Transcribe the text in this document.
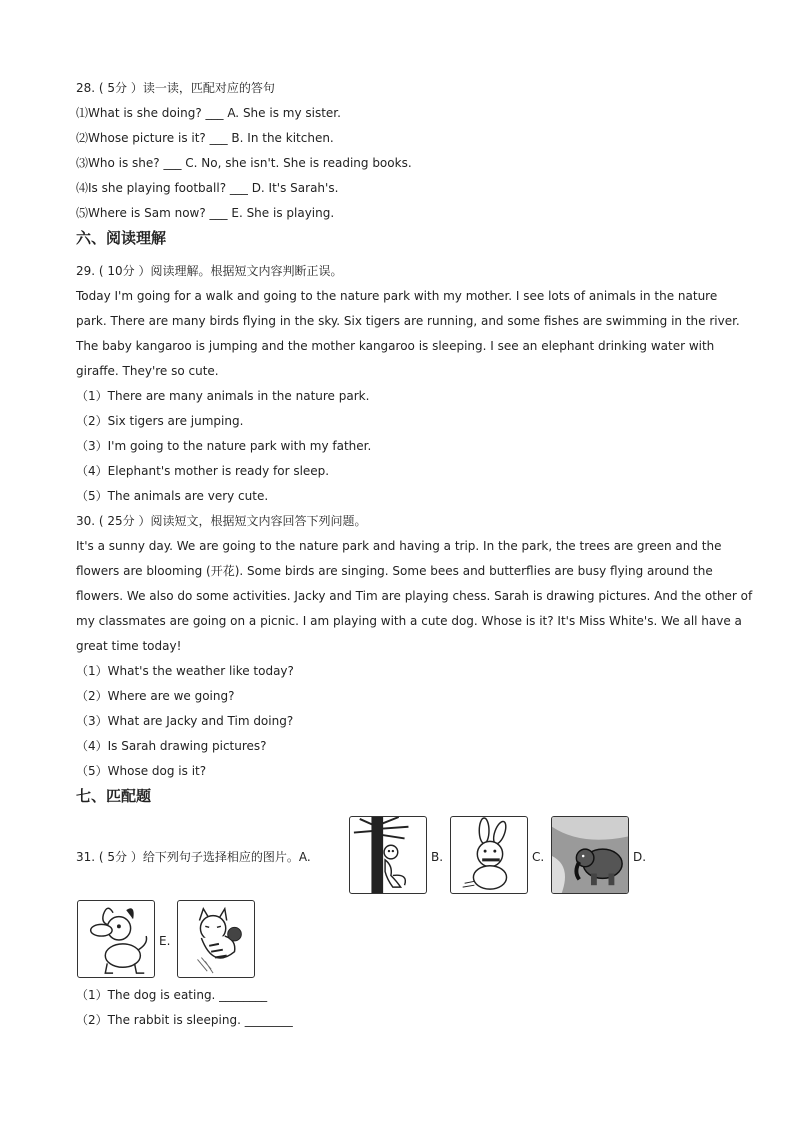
28. ( 5分 ）读一读，匹配对应的答句
⑴What is she doing? ___ A. She is my sister.
⑵Whose picture is it? ___ B. In the kitchen.
⑶Who is she? ___ C. No, she isn't. She is reading books.
⑷Is she playing football? ___ D. It's Sarah's.
⑸Where is Sam now? ___ E. She is playing.
六、阅读理解
29. ( 10分 ）阅读理解。根据短文内容判断正误。
Today I'm going for a walk and going to the nature park with my mother. I see lots of animals in the nature
park. There are many birds flying in the sky. Six tigers are running, and some fishes are swimming in the river.
The baby kangaroo is jumping and the mother kangaroo is sleeping. I see an elephant drinking water with
giraffe. They're so cute.
（1）There are many animals in the nature park.
（2）Six tigers are jumping.
（3）I'm going to the nature park with my father.
（4）Elephant's mother is ready for sleep.
（5）The animals are very cute.
30. ( 25分 ）阅读短文，根据短文内容回答下列问题。
It's a sunny day. We are going to the nature park and having a trip. In the park, the trees are green and the
flowers are blooming (开花). Some birds are singing. Some bees and butterflies are busy flying around the
flowers. We also do some activities. Jacky and Tim are playing chess. Sarah is drawing pictures. And the other of
my classmates are going on a picnic. I am playing with a cute dog. Whose is it? It's Miss White's. We all have a
great time today!
（1）What's the weather like today?
（2）Where are we going?
（3）What are Jacky and Tim doing?
（4）Is Sarah drawing pictures?
（5）Whose dog is it?
七、匹配题
31. ( 5分 ）给下列句子选择相应的图片。A.	B.	C.	D.
E.
（1）The dog is eating. ________
（2）The rabbit is sleeping. ________
